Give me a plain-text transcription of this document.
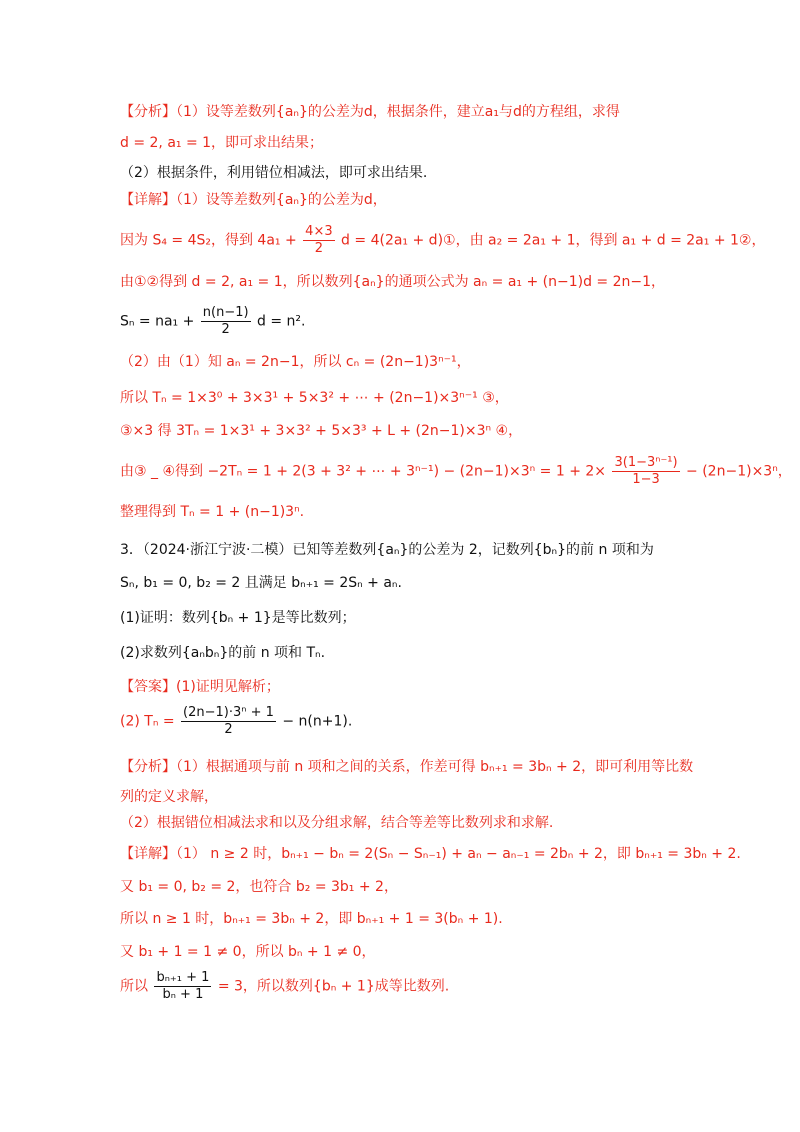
【分析】（1）设等差数列{aₙ}的公差为d，根据条件，建立a₁与d的方程组，求得
d = 2, a₁ = 1，即可求出结果；
（2）根据条件，利用错位相减法，即可求出结果.
【详解】（1）设等差数列{aₙ}的公差为d，
因为 S₄ = 4S₂，得到 $4a_1 + \frac{4\times 3}{2}$ d = 4(2a₁ + d)①，由 a₂ = 2a₁ + 1，得到 a₁ + d = 2a₁ + 1②，
由①②得到 d = 2, a₁ = 1，所以数列{aₙ}的通项公式为 aₙ = a₁ + (n−1)d = 2n−1，
$S_n = na_1 + \frac{n(n-1)}{2}$ d = n².
（2）由（1）知 aₙ = 2n−1，所以 cₙ = (2n−1)3ⁿ⁻¹，
所以 Tₙ = 1×3⁰ + 3×3¹ + 5×3² + ⋯ + (2n−1)×3ⁿ⁻¹ ③，
③×3 得 3Tₙ = 1×3¹ + 3×3² + 5×3³ + L + (2n−1)×3ⁿ ④，
由③ _ ④得到 −2Tₙ = 1 + 2(3 + 3² + ⋯ + $3^{n-1}) - (2n-1)\times 3^n = 1 + 2\times \frac{\text{3(1−3ⁿ⁻¹)}}{1-3} - (2n-1)\times 3^n$，
整理得到 Tₙ = 1 + (n−1)3ⁿ.
3．（2024·浙江宁波·二模）已知等差数列{aₙ}的公差为 2，记数列{bₙ}的前 n 项和为
Sₙ, b₁ = 0, b₂ = 2 且满足 bₙ₊₁ = 2Sₙ + aₙ.
(1)证明：数列{bₙ + 1}是等比数列；
(2)求数列{aₙbₙ}的前 n 项和 Tₙ.
【答案】(1)证明见解析；
(2) $T_n = \frac{\text{(2n−1)·3ⁿ + 1}}{2} - n(n+1)$.
【分析】（1）根据通项与前 n 项和之间的关系，作差可得 bₙ₊₁ = 3bₙ + 2，即可利用等比数
列的定义求解，
（2）根据错位相减法求和以及分组求解，结合等差等比数列求和求解.
【详解】（1） n ≥ 2 时，bₙ₊₁ − bₙ = 2(Sₙ − Sₙ₋₁) + aₙ − aₙ₋₁ = 2bₙ + 2，即 bₙ₊₁ = 3bₙ + 2.
又 b₁ = 0, b₂ = 2，也符合 b₂ = 3b₁ + 2，
所以 n ≥ 1 时，bₙ₊₁ = 3bₙ + 2，即 bₙ₊₁ + 1 = 3(bₙ + 1).
又 b₁ + 1 = 1 ≠ 0，所以 bₙ + 1 ≠ 0，
所以 $\frac{\text{bₙ₊₁ + 1}}{\text{bₙ + 1}} = 3$，所以数列{bₙ + 1}成等比数列.
